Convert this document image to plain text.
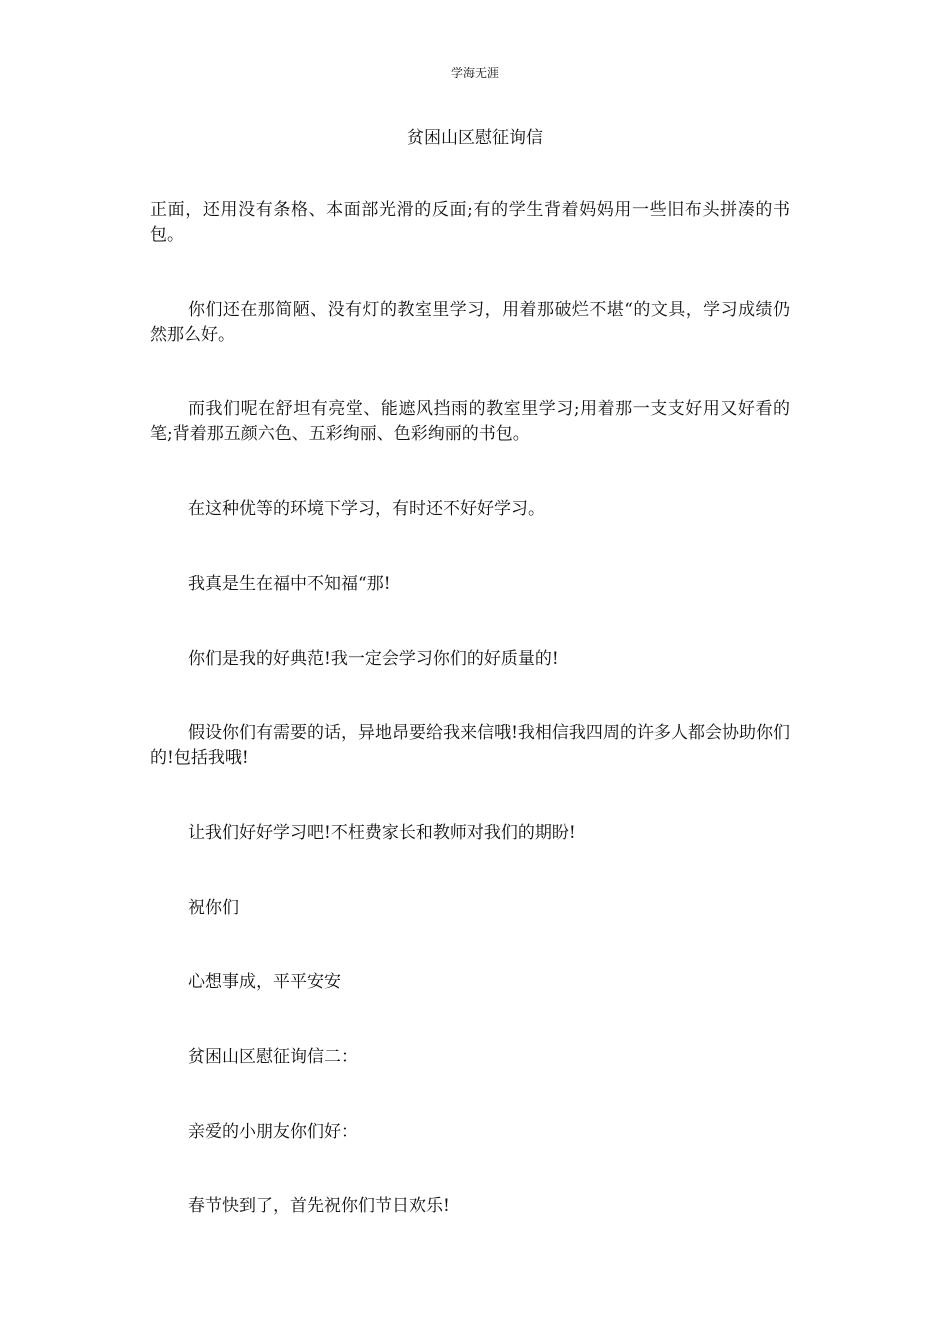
学海无涯
贫困山区慰征询信

正面，还用没有条格、本面部光滑的反面;有的学生背着妈妈用一些旧布头拼凑的书包。

你们还在那简陋、没有灯的教室里学习，用着那破烂不堪“的文具，学习成绩仍然那么好。

而我们呢在舒坦有亮堂、能遮风挡雨的教室里学习;用着那一支支好用又好看的笔;背着那五颜六色、五彩绚丽、色彩绚丽的书包。

在这种优等的环境下学习，有时还不好好学习。

我真是生在福中不知福“那!

你们是我的好典范!我一定会学习你们的好质量的!

假设你们有需要的话，异地昂要给我来信哦!我相信我四周的许多人都会协助你们的!包括我哦!

让我们好好学习吧!不枉费家长和教师对我们的期盼!

祝你们

心想事成，平平安安

贫困山区慰征询信二：

亲爱的小朋友你们好：

春节快到了，首先祝你们节日欢乐!
